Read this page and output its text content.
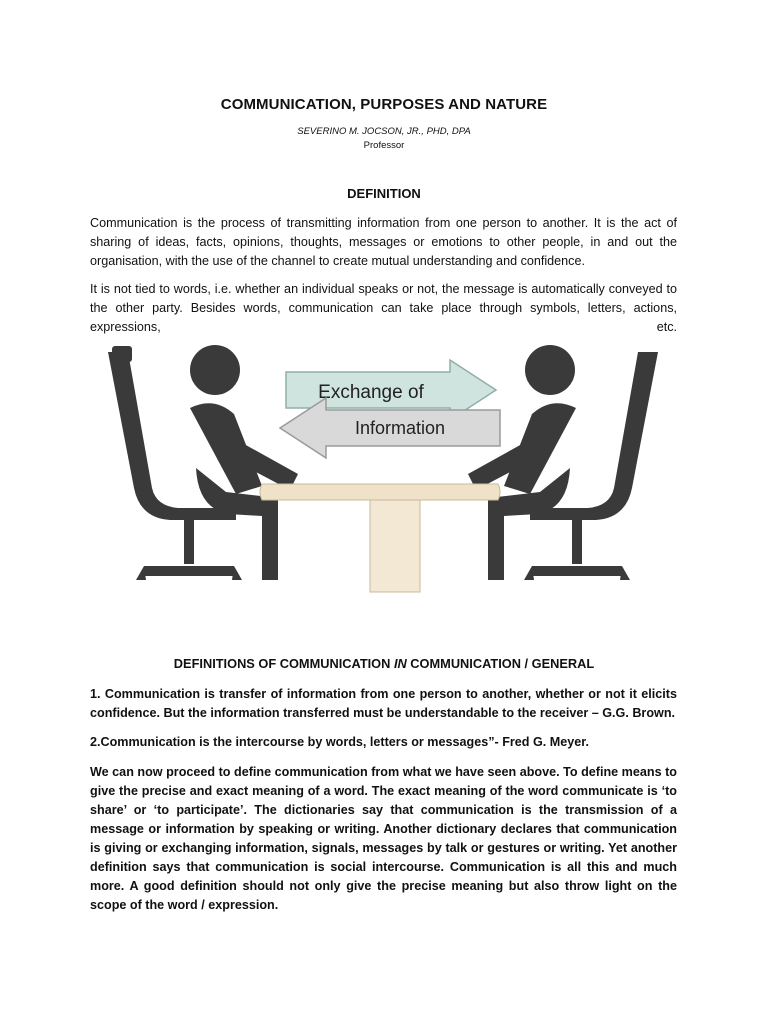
COMMUNICATION, PURPOSES AND NATURE
SEVERINO M. JOCSON, JR., PHD, DPA
Professor
DEFINITION
Communication is the process of transmitting information from one person to another. It is the act of sharing of ideas, facts, opinions, thoughts, messages or emotions to other people, in and out the organisation, with the use of the channel to create mutual understanding and confidence.
It is not tied to words, i.e. whether an individual speaks or not, the message is automatically conveyed to the other party. Besides words, communication can take place through symbols, letters, actions, expressions, etc.
Exchange of
Information
DEFINITIONS OF COMMUNICATION IN COMMUNICATION / GENERAL
1. Communication is transfer of information from one person to another, whether or not it elicits confidence. But the information transferred must be understandable to the receiver – G.G. Brown.
2.Communication is the intercourse by words, letters or messages”- Fred G. Meyer.
We can now proceed to define communication from what we have seen above. To define means to give the precise and exact meaning of a word. The exact meaning of the word communicate is ‘to share’ or ‘to participate’. The dictionaries say that communication is the transmission of a message or information by speaking or writing. Another dictionary declares that communication is giving or exchanging information, signals, messages by talk or gestures or writing. Yet another definition says that communication is social intercourse. Communication is all this and much more. A good definition should not only give the precise meaning but also throw light on the scope of the word / expression.
